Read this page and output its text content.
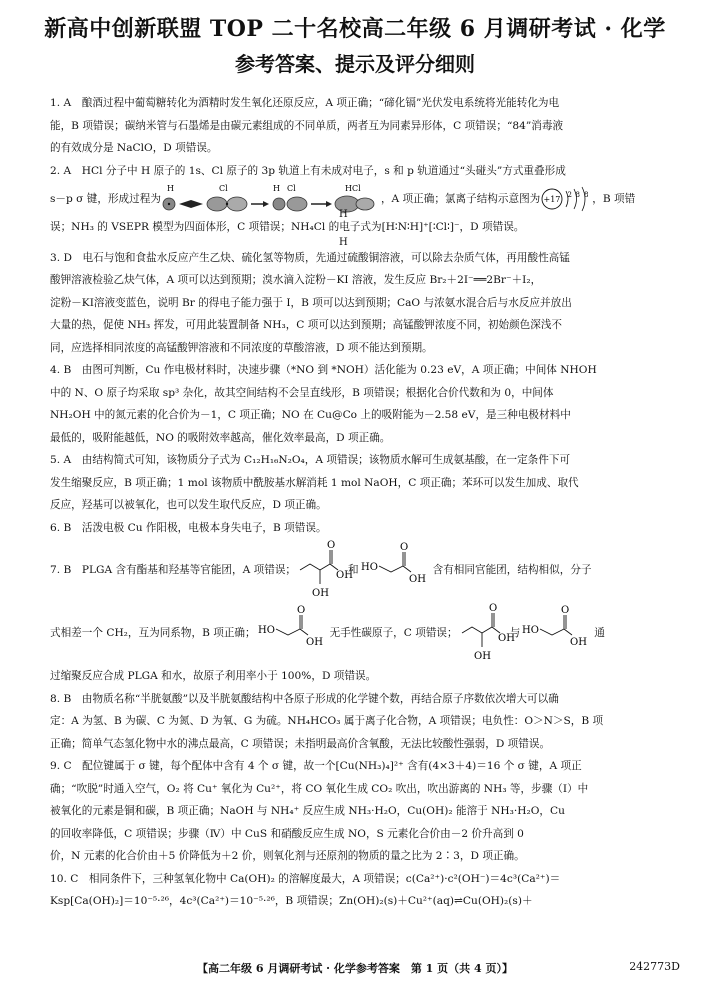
新高中创新联盟 TOP 二十名校高二年级 6 月调研考试 · 化学
参考答案、提示及评分细则
1. A　酿酒过程中葡萄糖转化为酒精时发生氧化还原反应，A 项正确；“碲化镉”光伏发电系统将光能转化为电
能，B 项错误；碳纳米管与石墨烯是由碳元素组成的不同单质，两者互为同素异形体，C 项错误；“84”消毒液
的有效成分是 NaClO，D 项错误。
2. A　HCl 分子中 H 原子的 1s、Cl 原子的 3p 轨道上有未成对电子，s 和 p 轨道通过“头碰头”方式重叠形成
s－p σ 键，形成过程为
H	Cl	H Cl	HCl
，A 项正确；氯离子结构示意图为 +17 2 8 8 ，B 项错
H
误；NH₃ 的 VSEPR 模型为四面体形，C 项错误；NH₄Cl 的电子式为[H∶N∶H]⁺[∶Cl∶]⁻，D 项错误。
H
3. D　电石与饱和食盐水反应产生乙炔、硫化氢等物质，先通过硫酸铜溶液，可以除去杂质气体，再用酸性高锰
酸钾溶液检验乙炔气体，A 项可以达到预期；溴水滴入淀粉－KI 溶液，发生反应 Br₂＋2I⁻══2Br⁻＋I₂，
淀粉－KI溶液变蓝色，说明 Br 的得电子能力强于 I，B 项可以达到预期；CaO 与浓氨水混合后与水反应并放出
大量的热，促使 NH₃ 挥发，可用此装置制备 NH₃，C 项可以达到预期；高锰酸钾浓度不同，初始颜色深浅不
同，应选择相同浓度的高锰酸钾溶液和不同浓度的草酸溶液，D 项不能达到预期。
4. B　由图可判断，Cu 作电极材料时，决速步骤（*NO 到 *NOH）活化能为 0.23 eV，A 项正确；中间体 NHOH
中的 N、O 原子均采取 sp³ 杂化，故其空间结构不会呈直线形，B 项错误；根据化合价代数和为 0，中间体
NH₂OH 中的氮元素的化合价为－1，C 项正确；NO 在 Cu@Co 上的吸附能为－2.58 eV，是三种电极材料中
最低的，吸附能越低，NO 的吸附效率越高，催化效率最高，D 项正确。
5. A　由结构简式可知，该物质分子式为 C₁₂H₁₆N₂O₄，A 项错误；该物质水解可生成氨基酸，在一定条件下可
发生缩聚反应，B 项正确；1 mol 该物质中酰胺基水解消耗 1 mol NaOH，C 项正确；苯环可以发生加成、取代
反应，羟基可以被氧化，也可以发生取代反应，D 项正确。
6. B　活泼电极 Cu 作阳极，电极本身失电子，B 项错误。
7. B　PLGA 含有酯基和羟基等官能团，A 项错误；
O
OH
OH
和 HO
O
OH
含有相同官能团，结构相似，分子
式相差一个 CH₂，互为同系物，B 项正确； HO
O
OH
无手性碳原子，C 项错误；
O
OH
OH
与 HO
O
OH
通
过缩聚反应合成 PLGA 和水，故原子利用率小于 100%，D 项错误。
8. B　由物质名称“半胱氨酸”以及半胱氨酸结构中各原子形成的化学键个数，再结合原子序数依次增大可以确
定：A 为氢、B 为碳、C 为氮、D 为氧、G 为硫。NH₄HCO₃ 属于离子化合物，A 项错误；电负性：O＞N＞S，B 项
正确；简单气态氢化物中水的沸点最高，C 项错误；未指明最高价含氧酸，无法比较酸性强弱，D 项错误。
9. C　配位键属于 σ 键，每个配体中含有 4 个 σ 键，故一个[Cu(NH₃)₄]²⁺ 含有(4×3＋4)＝16 个 σ 键，A 项正
确；“吹脱”时通入空气，O₂ 将 Cu⁺ 氧化为 Cu²⁺，将 CO 氧化生成 CO₂ 吹出，吹出游离的 NH₃ 等，步骤（Ⅰ）中
被氧化的元素是铜和碳，B 项正确；NaOH 与 NH₄⁺ 反应生成 NH₃·H₂O，Cu(OH)₂ 能溶于 NH₃·H₂O，Cu
的回收率降低，C 项错误；步骤（Ⅳ）中 CuS 和硝酸反应生成 NO，S 元素化合价由－2 价升高到 0
价，N 元素的化合价由＋5 价降低为＋2 价，则氧化剂与还原剂的物质的量之比为 2∶3，D 项正确。
10. C　相同条件下，三种氢氧化物中 Ca(OH)₂ 的溶解度最大，A 项错误；c(Ca²⁺)·c²(OH⁻)＝4c³(Ca²⁺)＝
Ksp[Ca(OH)₂]＝10⁻⁵·²⁶，4c³(Ca²⁺)＝10⁻⁵·²⁶，B 项错误；Zn(OH)₂(s)＋Cu²⁺(aq)⇌Cu(OH)₂(s)＋
【高二年级 6 月调研考试 · 化学参考答案　第 1 页（共 4 页）】	242773D
